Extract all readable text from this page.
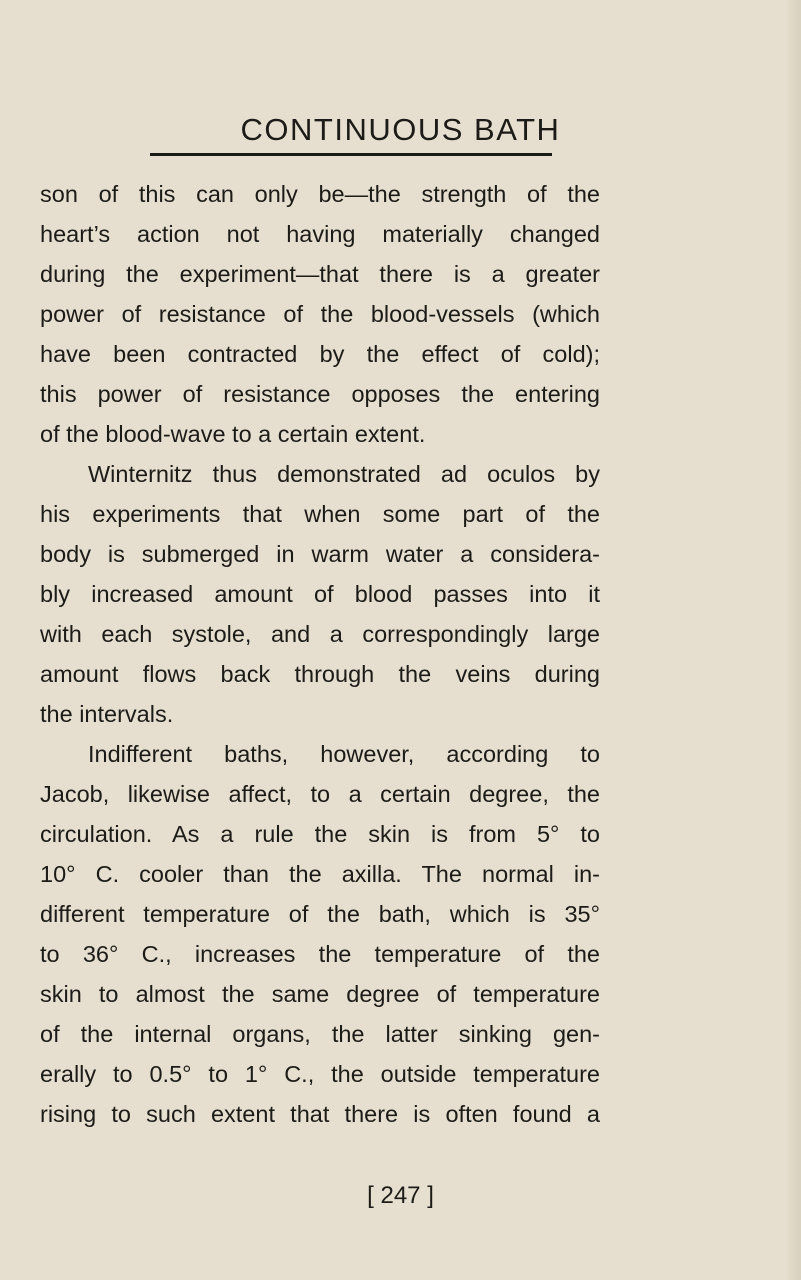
CONTINUOUS BATH
son of this can only be—the strength of the
heart’s action not having materially changed
during the experiment—that there is a greater
power of resistance of the blood-vessels (which
have been contracted by the effect of cold);
this power of resistance opposes the entering
of the blood-wave to a certain extent.
Winternitz thus demonstrated ad oculos by
his experiments that when some part of the
body is submerged in warm water a considera-
bly increased amount of blood passes into it
with each systole, and a correspondingly large
amount flows back through the veins during
the intervals.
Indifferent baths, however, according to
Jacob, likewise affect, to a certain degree, the
circulation. As a rule the skin is from 5° to
10° C. cooler than the axilla. The normal in-
different temperature of the bath, which is 35°
to 36° C., increases the temperature of the
skin to almost the same degree of temperature
of the internal organs, the latter sinking gen-
erally to 0.5° to 1° C., the outside temperature
rising to such extent that there is often found a
[ 247 ]
